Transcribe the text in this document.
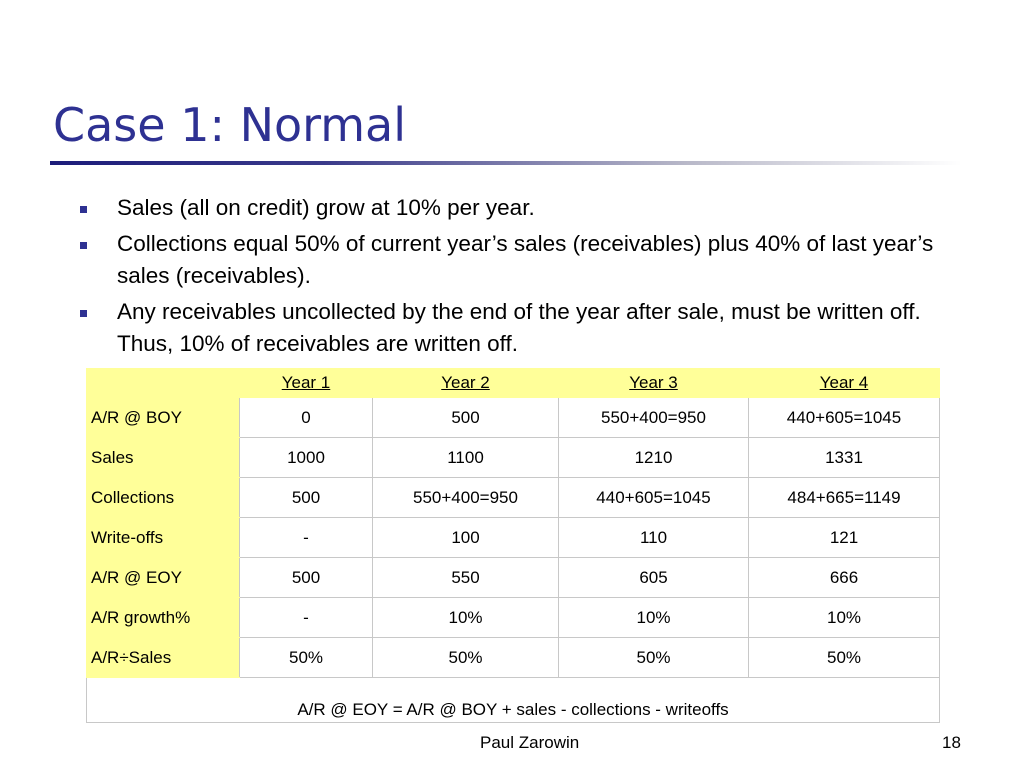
Case 1: Normal
Sales (all on credit) grow at 10% per year.
Collections equal 50% of current year’s sales (receivables) plus 40% of last year’s sales (receivables).
Any receivables uncollected by the end of the year after sale, must be written off. Thus, 10% of receivables are written off.
	Year 1	Year 2	Year 3	Year 4
A/R @ BOY	0	500	550+400=950	440+605=1045
Sales	1000	1100	1210	1331
Collections	500	550+400=950	440+605=1045	484+665=1149
Write-offs	-	100	110	121
A/R @ EOY	500	550	605	666
A/R growth%	-	10%	10%	10%
A/R÷Sales	50%	50%	50%	50%
A/R @ EOY = A/R @ BOY + sales - collections - writeoffs				
Paul Zarowin	18
